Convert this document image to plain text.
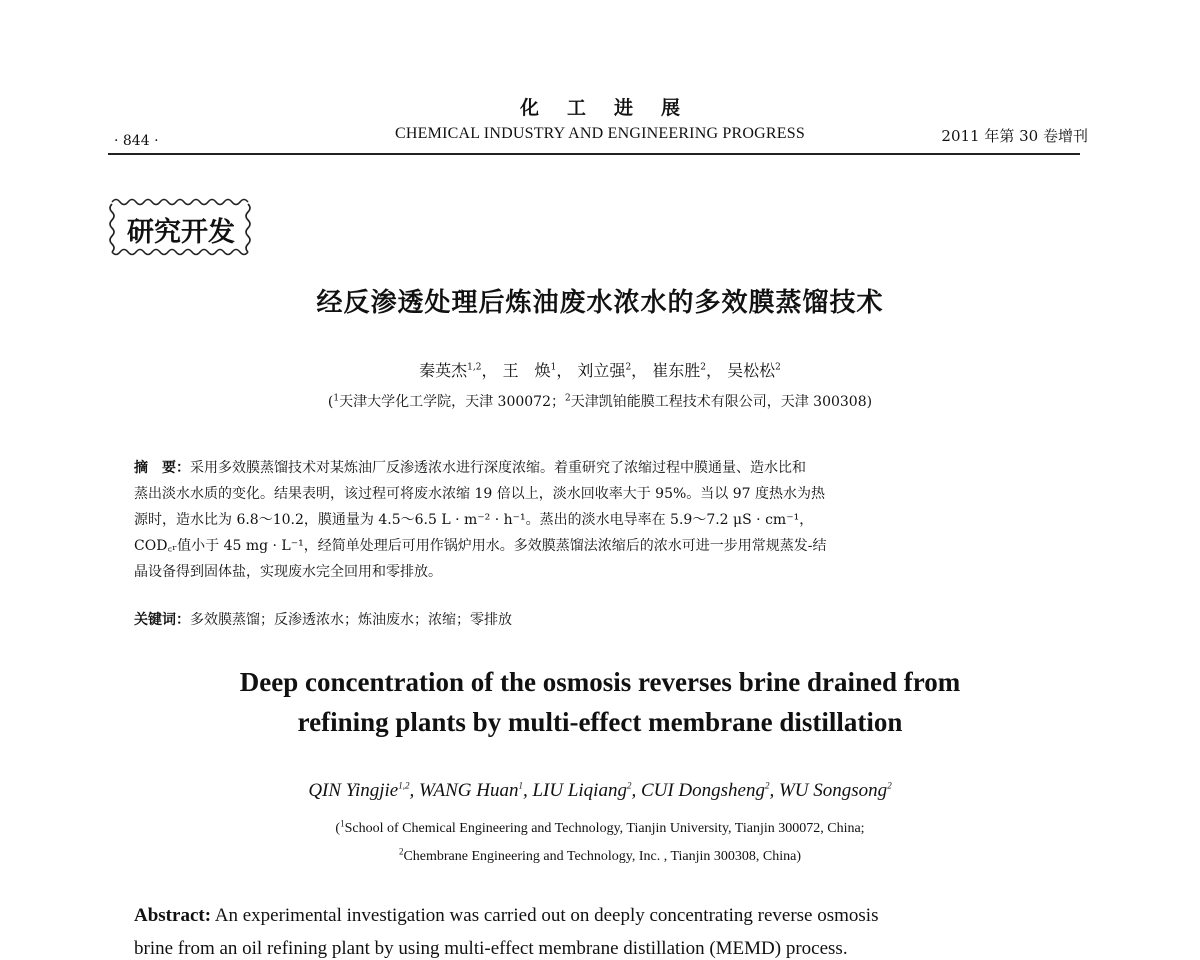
化工进展
· 844 ·	CHEMICAL INDUSTRY AND ENGINEERING PROGRESS	2011 年第 30 卷增刊
研究开发
经反渗透处理后炼油废水浓水的多效膜蒸馏技术
秦英杰$^{1,2}$， 王　焕$^1$， 刘立强$^2$， 崔东胜$^2$， 吴松松$^2$
($^1$天津大学化工学院，天津 300072；$^2$天津凯铂能膜工程技术有限公司，天津 300308)
摘　要：采用多效膜蒸馏技术对某炼油厂反渗透浓水进行深度浓缩。着重研究了浓缩过程中膜通量、造水比和
蒸出淡水水质的变化。结果表明，该过程可将废水浓缩 19 倍以上，淡水回收率大于 95%。当以 97 度热水为热
源时，造水比为 6.8～10.2，膜通量为 4.5～6.5 L · m⁻² · h⁻¹。蒸出的淡水电导率在 5.9～7.2 μS · cm⁻¹，
COD꜀ᵣ值小于 45 mg · L⁻¹，经简单处理后可用作锅炉用水。多效膜蒸馏法浓缩后的浓水可进一步用常规蒸发-结
晶设备得到固体盐，实现废水完全回用和零排放。
关键词：多效膜蒸馏；反渗透浓水；炼油废水；浓缩；零排放
Deep concentration of the osmosis reverses brine drained from
refining plants by multi-effect membrane distillation
QIN Yingjie$^{1,2}$, WANG Huan$^1$, LIU Liqiang$^2$, CUI Dongsheng$^2$, WU Songsong$^2$
($^1$School of Chemical Engineering and Technology, Tianjin University, Tianjin 300072, China;
$^2$Chembrane Engineering and Technology, Inc. , Tianjin 300308, China)
Abstract: An experimental investigation was carried out on deeply concentrating reverse osmosis
brine from an oil refining plant by using multi-effect membrane distillation (MEMD) process.
